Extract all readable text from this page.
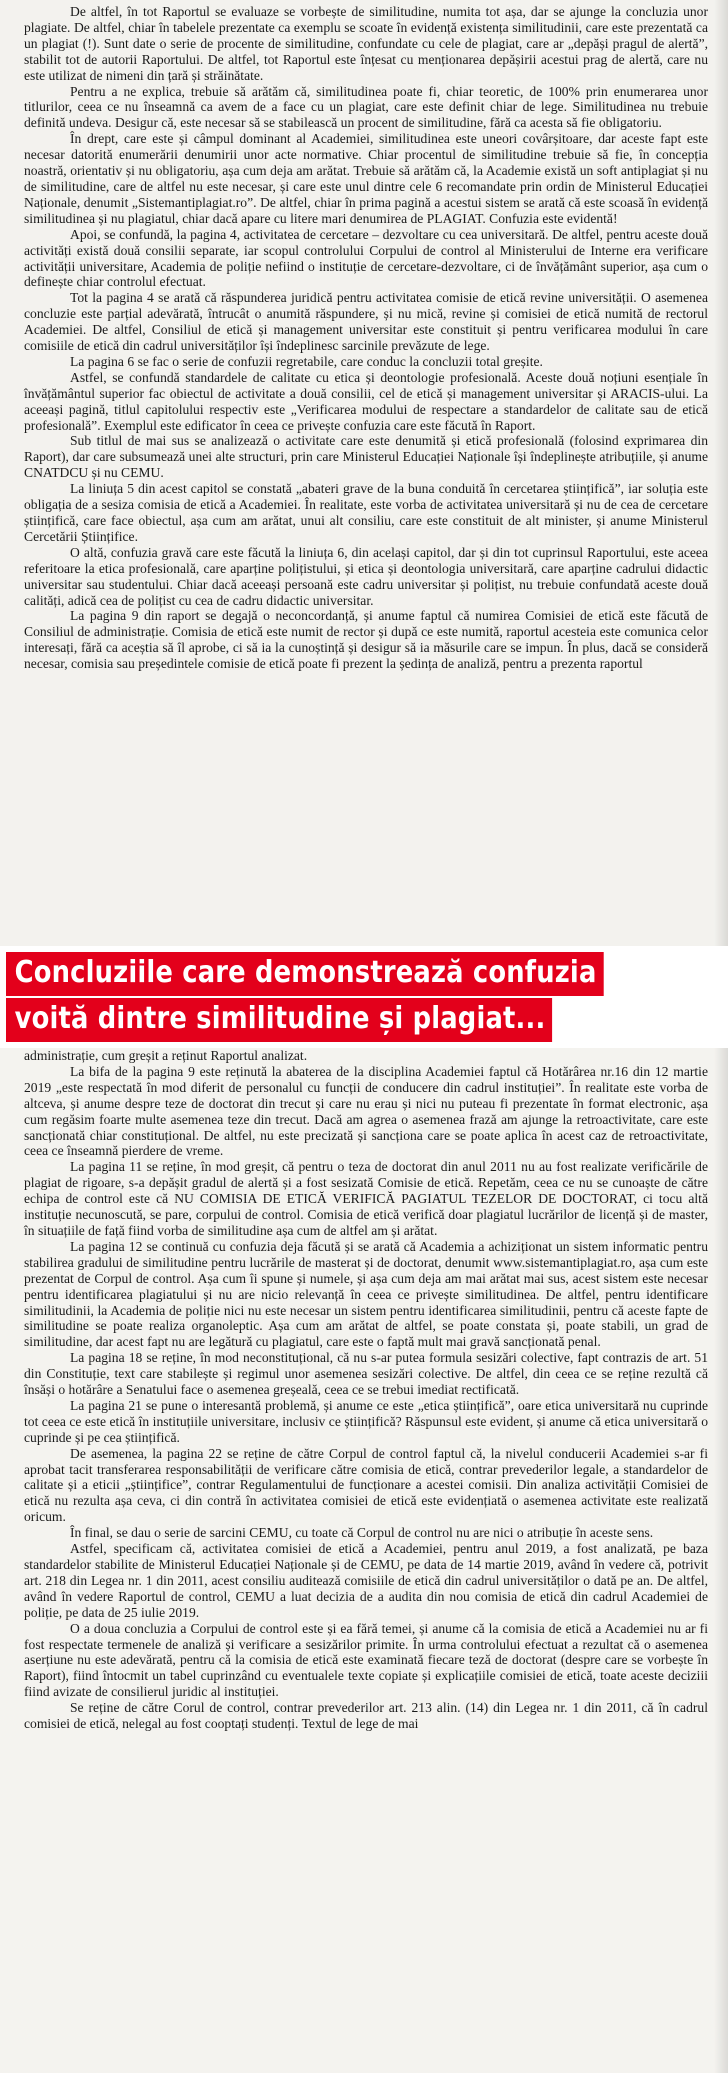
De altfel, în tot Raportul se evaluaze se vorbește de similitudine, numita tot așa, dar se ajunge la concluzia unor plagiate. De altfel, chiar în tabelele prezentate ca exemplu se scoate în evidență existența similitudinii, care este prezentată ca un plagiat (!). Sunt date o serie de procente de similitudine, confundate cu cele de plagiat, care ar „depăși pragul de alertă”, stabilit tot de autorii Raportului. De altfel, tot Raportul este înțesat cu menționarea depășirii acestui prag de alertă, care nu este utilizat de nimeni din țară și străinătate.

Pentru a ne explica, trebuie să arătăm că, similitudinea poate fi, chiar teoretic, de 100% prin enumerarea unor titlurilor, ceea ce nu înseamnă ca avem de a face cu un plagiat, care este definit chiar de lege. Similitudinea nu trebuie definită undeva. Desigur că, este necesar să se stabilească un procent de similitudine, fără ca acesta să fie obligatoriu.

În drept, care este și câmpul dominant al Academiei, similitudinea este uneori covârșitoare, dar aceste fapt este necesar datorită enumerării denumirii unor acte normative. Chiar procentul de similitudine trebuie să fie, în concepția noastră, orientativ și nu obligatoriu, așa cum deja am arătat. Trebuie să arătăm că, la Academie există un soft antiplagiat și nu de similitudine, care de altfel nu este necesar, și care este unul dintre cele 6 recomandate prin ordin de Ministerul Educației Naționale, denumit „Sistemantiplagiat.ro”. De altfel, chiar în prima pagină a acestui sistem se arată că este scoasă în evidență similitudinea și nu plagiatul, chiar dacă apare cu litere mari denumirea de PLAGIAT. Confuzia este evidentă!

Apoi, se confundă, la pagina 4, activitatea de cercetare – dezvoltare cu cea universitară. De altfel, pentru aceste două activități există două consilii separate, iar scopul controlului Corpului de control al Ministerului de Interne era verificare activității universitare, Academia de poliție nefiind o instituție de cercetare-dezvoltare, ci de învățământ superior, așa cum o definește chiar controlul efectuat.

Tot la pagina 4 se arată că răspunderea juridică pentru activitatea comisie de etică revine universității. O asemenea concluzie este parțial adevărată, întrucât o anumită răspundere, și nu mică, revine și comisiei de etică numită de rectorul Academiei. De altfel, Consiliul de etică și management universitar este constituit și pentru verificarea modului în care comisiile de etică din cadrul universităților își îndeplinesc sarcinile prevăzute de lege.

La pagina 6 se fac o serie de confuzii regretabile, care conduc la concluzii total greșite.

Astfel, se confundă standardele de calitate cu etica și deontologie profesională. Aceste două noțiuni esențiale în învățământul superior fac obiectul de activitate a două consilii, cel de etică și management universitar și ARACIS-ului. La aceeași pagină, titlul capitolului respectiv este „Verificarea modului de respectare a standardelor de calitate sau de etică profesională”. Exemplul este edificator în ceea ce privește confuzia care este făcută în Raport.

Sub titlul de mai sus se analizează o activitate care este denumită și etică profesională (folosind exprimarea din Raport), dar care subsumează unei alte structuri, prin care Ministerul Educației Naționale își îndeplinește atribuțiile, și anume CNATDCU și nu CEMU.

La liniuța 5 din acest capitol se constată „abateri grave de la buna conduită în cercetarea științifică”, iar soluția este obligația de a sesiza comisia de etică a Academiei. În realitate, este vorba de activitatea universitară și nu de cea de cercetare științifică, care face obiectul, așa cum am arătat, unui alt consiliu, care este constituit de alt minister, și anume Ministerul Cercetării Științifice.

O altă, confuzia gravă care este făcută la liniuța 6, din același capitol, dar și din tot cuprinsul Raportului, este aceea referitoare la etica profesională, care aparține polițistului, și etica și deontologia universitară, care aparține cadrului didactic universitar sau studentului. Chiar dacă aceeași persoană este cadru universitar și polițist, nu trebuie confundată aceste două calități, adică cea de polițist cu cea de cadru didactic universitar.

La pagina 9 din raport se degajă o neconcordanță, și anume faptul că numirea Comisiei de etică este făcută de Consiliul de administrație. Comisia de etică este numit de rector și după ce este numită, raportul acesteia este comunica celor interesați, fără ca aceștia să îl aprobe, ci să ia la cunoștință și desigur să ia măsurile care se impun. În plus, dacă se consideră necesar, comisia sau președintele comisie de etică poate fi prezent la ședința de analiză, pentru a prezenta raportul

Concluziile care demonstrează confuzia
voită dintre similitudine și plagiat...

administrație, cum greșit a reținut Raportul analizat.

La bifa de la pagina 9 este reținută la abaterea de la disciplina Academiei faptul că Hotărârea nr.16 din 12 martie 2019 „este respectată în mod diferit de personalul cu funcții de conducere din cadrul instituției”. În realitate este vorba de altceva, și anume despre teze de doctorat din trecut și care nu erau și nici nu puteau fi prezentate în format electronic, așa cum regăsim foarte multe asemenea teze din trecut. Dacă am agrea o asemenea frază am ajunge la retroactivitate, care este sancționată chiar constituțional. De altfel, nu este precizată și sancționa care se poate aplica în acest caz de retroactivitate, ceea ce înseamnă pierdere de vreme.

La pagina 11 se reține, în mod greșit, că pentru o teza de doctorat din anul 2011 nu au fost realizate verificările de plagiat de rigoare, s-a depășit gradul de alertă și a fost sesizată Comisie de etică. Repetăm, ceea ce nu se cunoaște de către echipa de control este că NU COMISIA DE ETICĂ VERIFICĂ PAGIATUL TEZELOR DE DOCTORAT, ci tocu altă instituție necunoscută, se pare, corpului de control. Comisia de etică verifică doar plagiatul lucrărilor de licență și de master, în situațiile de față fiind vorba de similitudine așa cum de altfel am și arătat.

La pagina 12 se continuă cu confuzia deja făcută și se arată că Academia a achiziționat un sistem informatic pentru stabilirea gradului de similitudine pentru lucrările de masterat și de doctorat, denumit www.sistemantiplagiat.ro, așa cum este prezentat de Corpul de control. Așa cum îi spune și numele, și așa cum deja am mai arătat mai sus, acest sistem este necesar pentru identificarea plagiatului și nu are nicio relevanță în ceea ce privește similitudinea. De altfel, pentru identificare similitudinii, la Academia de poliție nici nu este necesar un sistem pentru identificarea similitudinii, pentru că aceste fapte de similitudine se poate realiza organoleptic. Așa cum am arătat de altfel, se poate constata și, poate stabili, un grad de similitudine, dar acest fapt nu are legătură cu plagiatul, care este o faptă mult mai gravă sancționată penal.

La pagina 18 se reține, în mod neconstituțional, că nu s-ar putea formula sesizări colective, fapt contrazis de art. 51 din Constituție, text care stabilește și regimul unor asemenea sesizări colective. De altfel, din ceea ce se reține rezultă că însăși o hotărâre a Senatului face o asemenea greșeală, ceea ce se trebui imediat rectificată.

La pagina 21 se pune o interesantă problemă, și anume ce este „etica științifică”, oare etica universitară nu cuprinde tot ceea ce este etică în instituțiile universitare, inclusiv ce științifică? Răspunsul este evident, și anume că etica universitară o cuprinde și pe cea științifică.

De asemenea, la pagina 22 se reține de către Corpul de control faptul că, la nivelul conducerii Academiei s-ar fi aprobat tacit transferarea responsabilității de verificare către comisia de etică, contrar prevederilor legale, a standardelor de calitate și a eticii „științifice”, contrar Regulamentului de funcționare a acestei comisii. Din analiza activității Comisiei de etică nu rezulta așa ceva, ci din contră în activitatea comisiei de etică este evidențiată o asemenea activitate este realizată oricum.

În final, se dau o serie de sarcini CEMU, cu toate că Corpul de control nu are nici o atribuție în aceste sens.

Astfel, specificam că, activitatea comisiei de etică a Academiei, pentru anul 2019, a fost analizată, pe baza standardelor stabilite de Ministerul Educației Naționale și de CEMU, pe data de 14 martie 2019, având în vedere că, potrivit art. 218 din Legea nr. 1 din 2011, acest consiliu auditează comisiile de etică din cadrul universităților o dată pe an. De altfel, având în vedere Raportul de control, CEMU a luat decizia de a audita din nou comisia de etică din cadrul Academiei de poliție, pe data de 25 iulie 2019.

O a doua concluzia a Corpului de control este și ea fără temei, și anume că la comisia de etică a Academiei nu ar fi fost respectate termenele de analiză și verificare a sesizărilor primite. În urma controlului efectuat a rezultat că o asemenea aserțiune nu este adevărată, pentru că la comisia de etică este examinată fiecare teză de doctorat (despre care se vorbește în Raport), fiind întocmit un tabel cuprinzând cu eventualele texte copiate și explicațiile comisiei de etică, toate aceste deciziii fiind avizate de consilierul juridic al instituției.

Se reține de către Corul de control, contrar prevederilor art. 213 alin. (14) din Legea nr. 1 din 2011, că în cadrul comisiei de etică, nelegal au fost cooptați studenți. Textul de lege de mai
